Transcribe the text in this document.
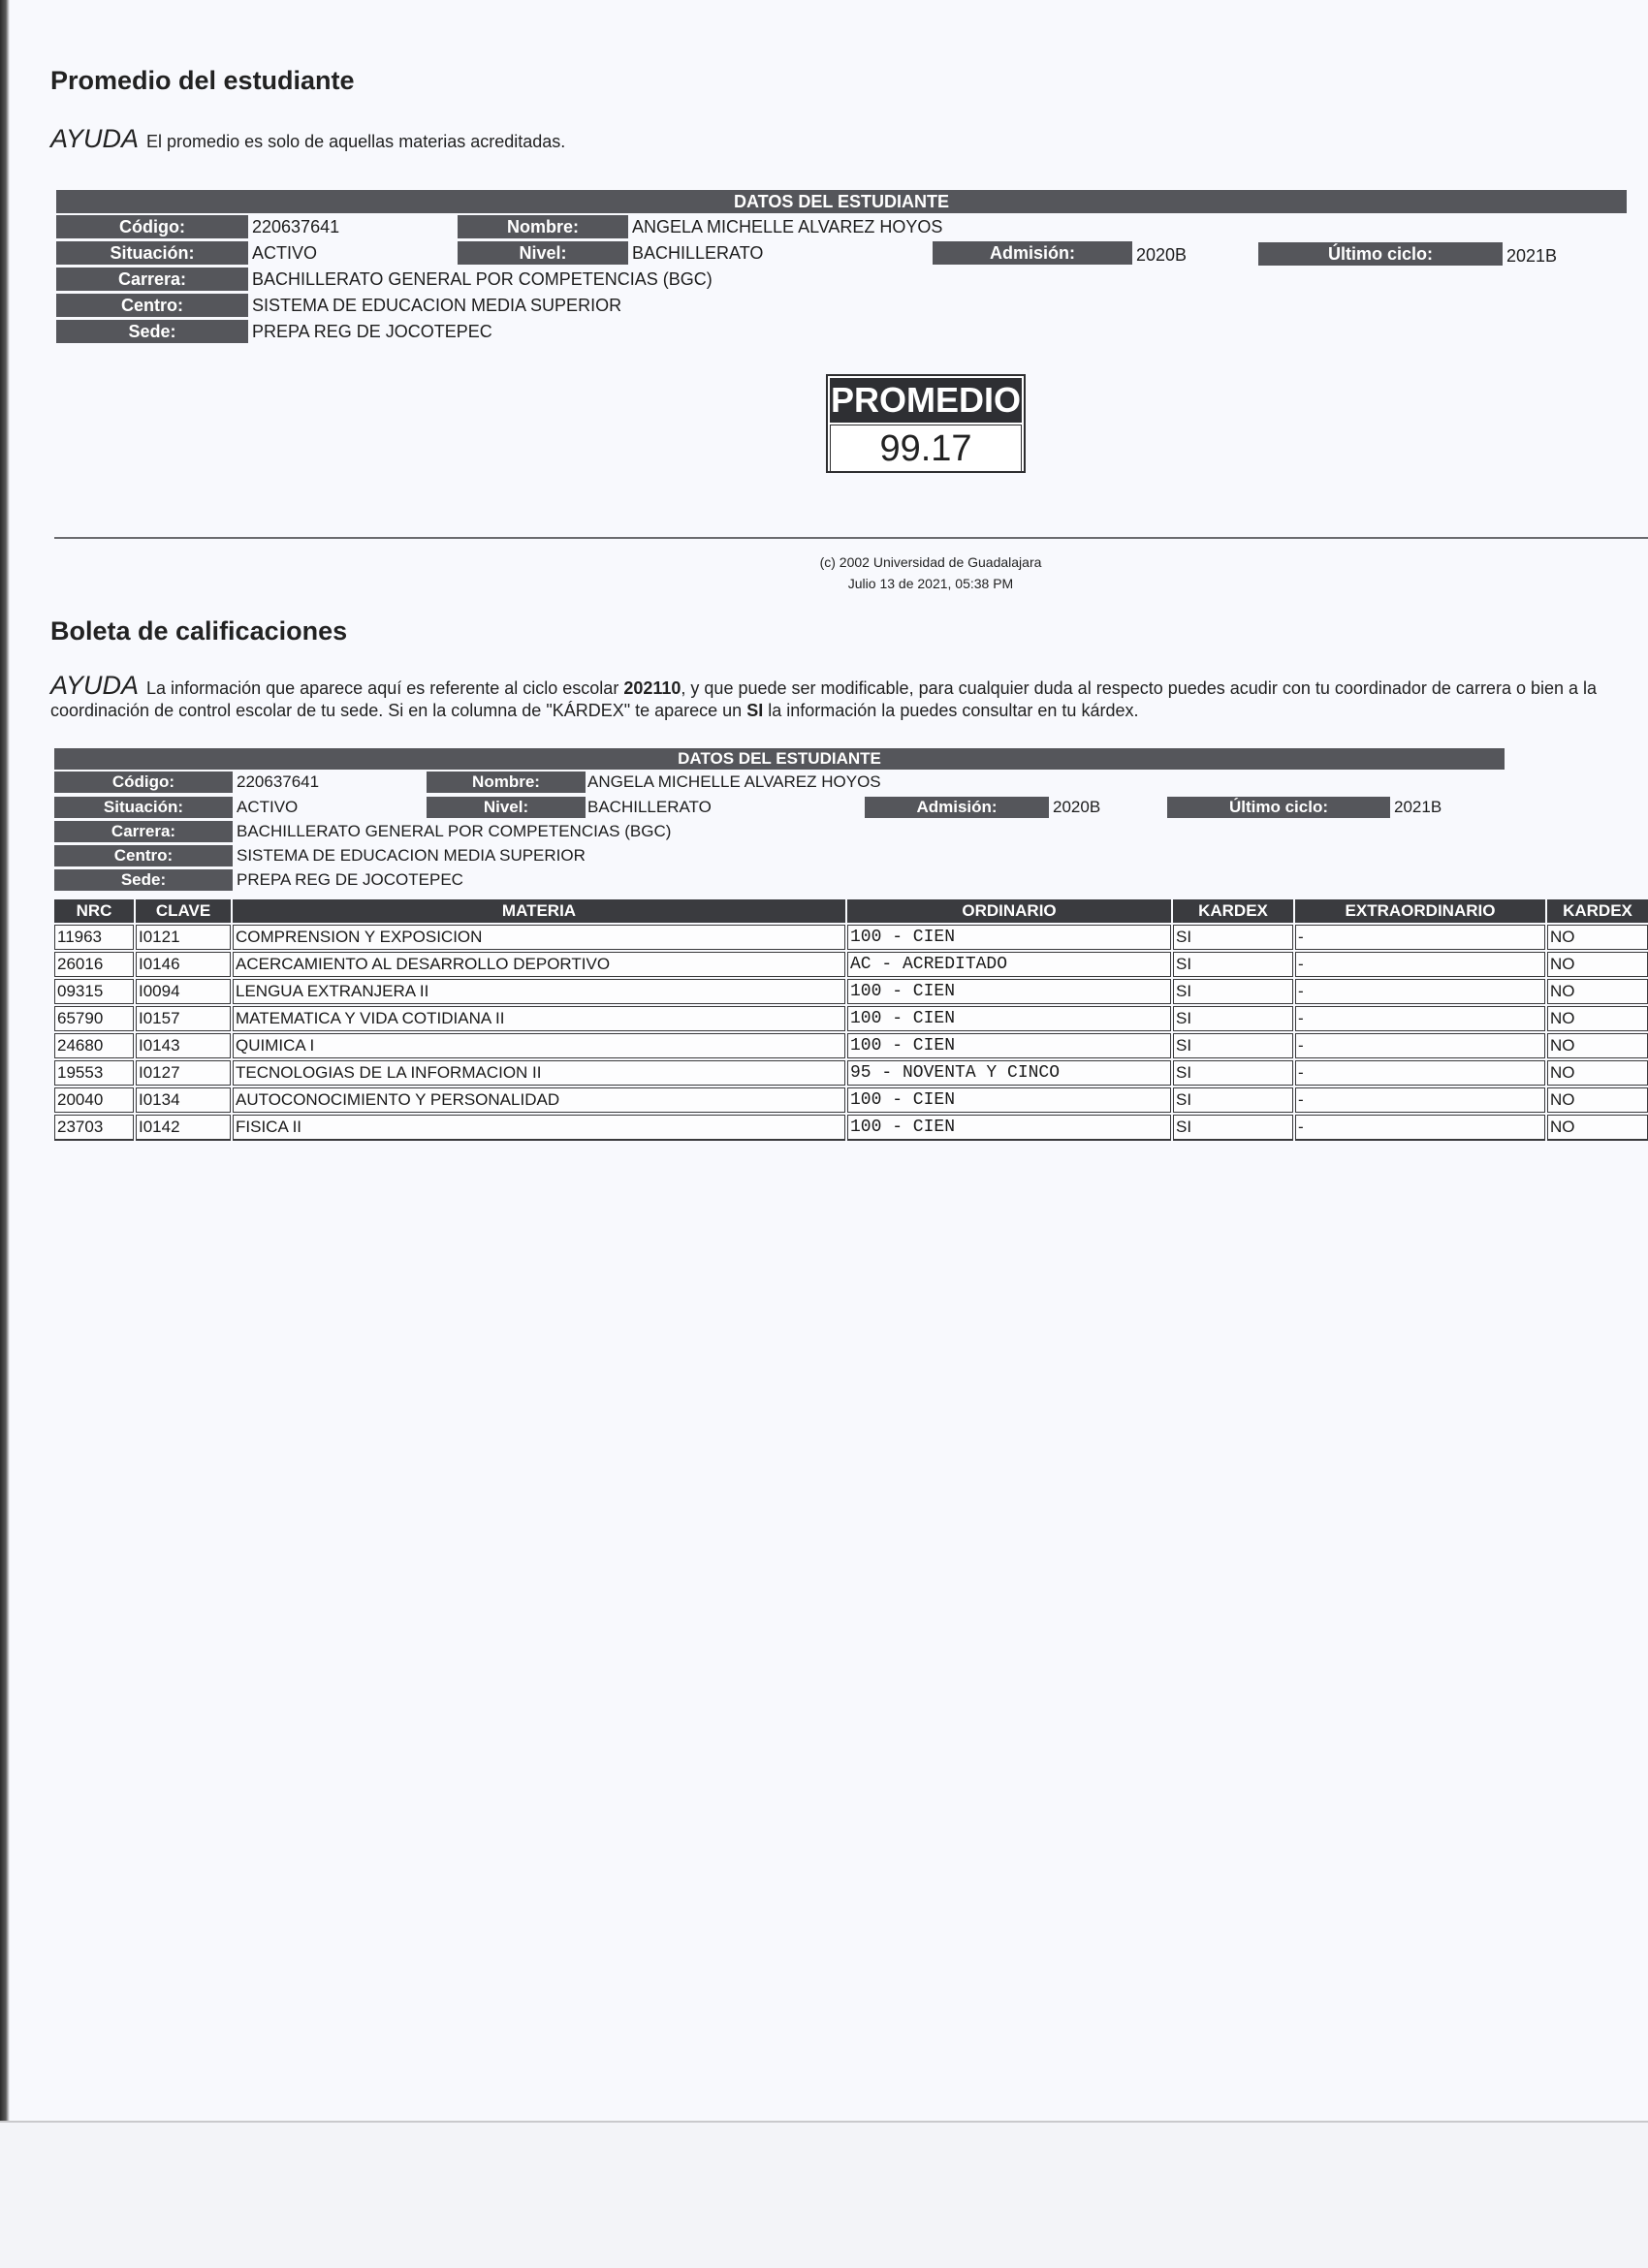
Promedio del estudiante
AYUDA El promedio es solo de aquellas materias acreditadas.
DATOS DEL ESTUDIANTE
Código:	220637641	Nombre:	ANGELA MICHELLE ALVAREZ HOYOS
Situación:	ACTIVO	Nivel:	BACHILLERATO	Admisión:	2020B	Último ciclo:	2021B
Carrera:	BACHILLERATO GENERAL POR COMPETENCIAS (BGC)
Centro:	SISTEMA DE EDUCACION MEDIA SUPERIOR
Sede:	PREPA REG DE JOCOTEPEC
PROMEDIO
99.17
(c) 2002 Universidad de Guadalajara
Julio 13 de 2021, 05:38 PM
Boleta de calificaciones
AYUDA La información que aparece aquí es referente al ciclo escolar 202110, y que puede ser modificable, para cualquier duda al respecto puedes acudir con tu coordinador de carrera o bien a la coordinación de control escolar de tu sede. Si en la columna de "KÁRDEX" te aparece un SI la información la puedes consultar en tu kárdex.
DATOS DEL ESTUDIANTE
Código:	220637641	Nombre:	ANGELA MICHELLE ALVAREZ HOYOS
Situación:	ACTIVO	Nivel:	BACHILLERATO	Admisión:	2020B	Último ciclo:	2021B
Carrera:	BACHILLERATO GENERAL POR COMPETENCIAS (BGC)
Centro:	SISTEMA DE EDUCACION MEDIA SUPERIOR
Sede:	PREPA REG DE JOCOTEPEC
NRC	CLAVE	MATERIA	ORDINARIO	KARDEX	EXTRAORDINARIO	KARDEX
11963	I0121	COMPRENSION Y EXPOSICION	100 - CIEN	SI	-	NO
26016	I0146	ACERCAMIENTO AL DESARROLLO DEPORTIVO	AC - ACREDITADO	SI	-	NO
09315	I0094	LENGUA EXTRANJERA II	100 - CIEN	SI	-	NO
65790	I0157	MATEMATICA Y VIDA COTIDIANA II	100 - CIEN	SI	-	NO
24680	I0143	QUIMICA I	100 - CIEN	SI	-	NO
19553	I0127	TECNOLOGIAS DE LA INFORMACION II	95 - NOVENTA Y CINCO	SI	-	NO
20040	I0134	AUTOCONOCIMIENTO Y PERSONALIDAD	100 - CIEN	SI	-	NO
23703	I0142	FISICA II	100 - CIEN	SI	-	NO
